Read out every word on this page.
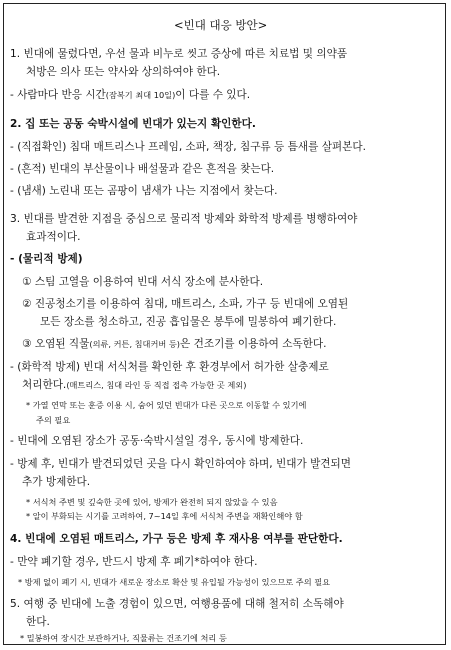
<빈대 대응 방안>
1. 빈대에 물렸다면, 우선 물과 비누로 씻고 증상에 따른 치료법 및 의약품
처방은 의사 또는 약사와 상의하여야 한다.
- 사람마다 반응 시간(잠복기 최대 10일)이 다를 수 있다.
2. 집 또는 공동 숙박시설에 빈대가 있는지 확인한다.
- (직접확인) 침대 매트리스나 프레임, 소파, 책장, 침구류 등 틈새를 살펴본다.
- (흔적) 빈대의 부산물이나 배설물과 같은 흔적을 찾는다.
- (냄새) 노린내 또는 곰팡이 냄새가 나는 지점에서 찾는다.
3. 빈대를 발견한 지점을 중심으로 물리적 방제와 화학적 방제를 병행하여야
효과적이다.
- (물리적 방제)
① 스팀 고열을 이용하여 빈대 서식 장소에 분사한다.
② 진공청소기를 이용하여 침대, 매트리스, 소파, 가구 등 빈대에 오염된
모든 장소를 청소하고, 진공 흡입물은 봉투에 밀봉하여 폐기한다.
③ 오염된 직물(의류, 커튼, 침대커버 등)은 건조기를 이용하여 소독한다.
- (화학적 방제) 빈대 서식처를 확인한 후 환경부에서 허가한 살충제로
처리한다.(매트리스, 침대 라인 등 직접 접촉 가능한 곳 제외)
* 가열 연막 또는 훈증 이용 시, 숨어 있던 빈대가 다른 곳으로 이동할 수 있기에
주의 필요
- 빈대에 오염된 장소가 공동·숙박시설일 경우, 동시에 방제한다.
- 방제 후, 빈대가 발견되었던 곳을 다시 확인하여야 하며, 빈대가 발견되면
추가 방제한다.
* 서식처 주변 및 깊숙한 곳에 있어, 방제가 완전히 되지 않았을 수 있음
* 알이 부화되는 시기를 고려하여, 7~14일 후에 서식처 주변을 재확인해야 함
4. 빈대에 오염된 매트리스, 가구 등은 방제 후 재사용 여부를 판단한다.
- 만약 폐기할 경우, 반드시 방제 후 폐기*하여야 한다.
* 방제 없이 폐기 시, 빈대가 새로운 장소로 확산 및 유입될 가능성이 있으므로 주의 필요
5. 여행 중 빈대에 노출 경험이 있으면, 여행용품에 대해 철저히 소독해야
한다.
* 밀봉하여 장시간 보관하거나, 직물류는 건조기에 처리 등
